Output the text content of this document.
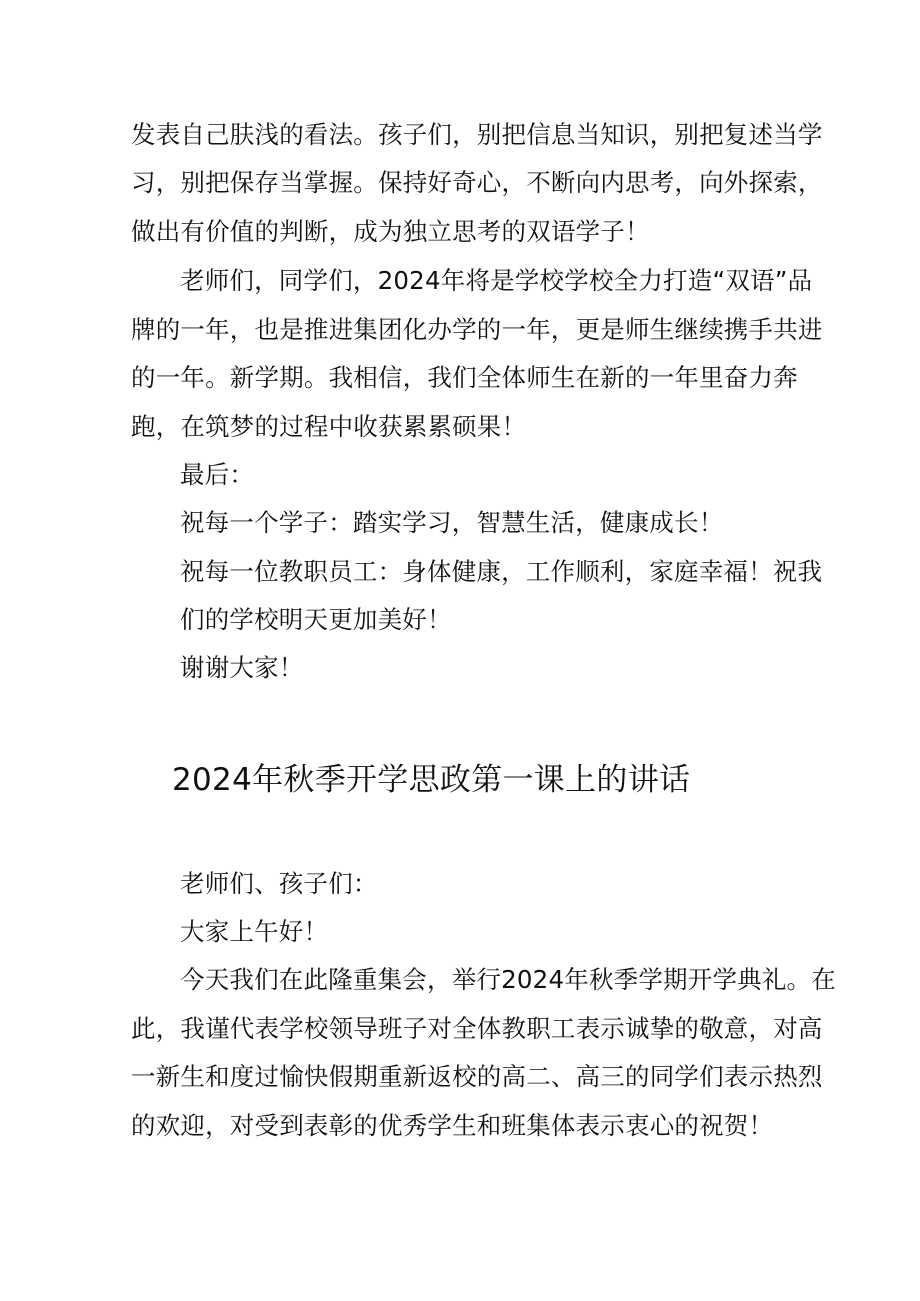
发表自己肤浅的看法。孩子们，别把信息当知识，别把复述当学

习，别把保存当掌握。保持好奇心，不断向内思考，向外探索，

做出有价值的判断，成为独立思考的双语学子！

老师们，同学们，2024年将是学校学校全力打造“双语”品

牌的一年，也是推进集团化办学的一年，更是师生继续携手共进

的一年。新学期。我相信，我们全体师生在新的一年里奋力奔

跑，在筑梦的过程中收获累累硕果！

最后：

祝每一个学子：踏实学习，智慧生活，健康成长！

祝每一位教职员工：身体健康，工作顺利，家庭幸福！祝我

们的学校明天更加美好！

谢谢大家！

2024年秋季开学思政第一课上的讲话

老师们、孩子们：

大家上午好！

今天我们在此隆重集会，举行2024年秋季学期开学典礼。在

此，我谨代表学校领导班子对全体教职工表示诚挚的敬意，对高

一新生和度过愉快假期重新返校的高二、高三的同学们表示热烈

的欢迎，对受到表彰的优秀学生和班集体表示衷心的祝贺！
